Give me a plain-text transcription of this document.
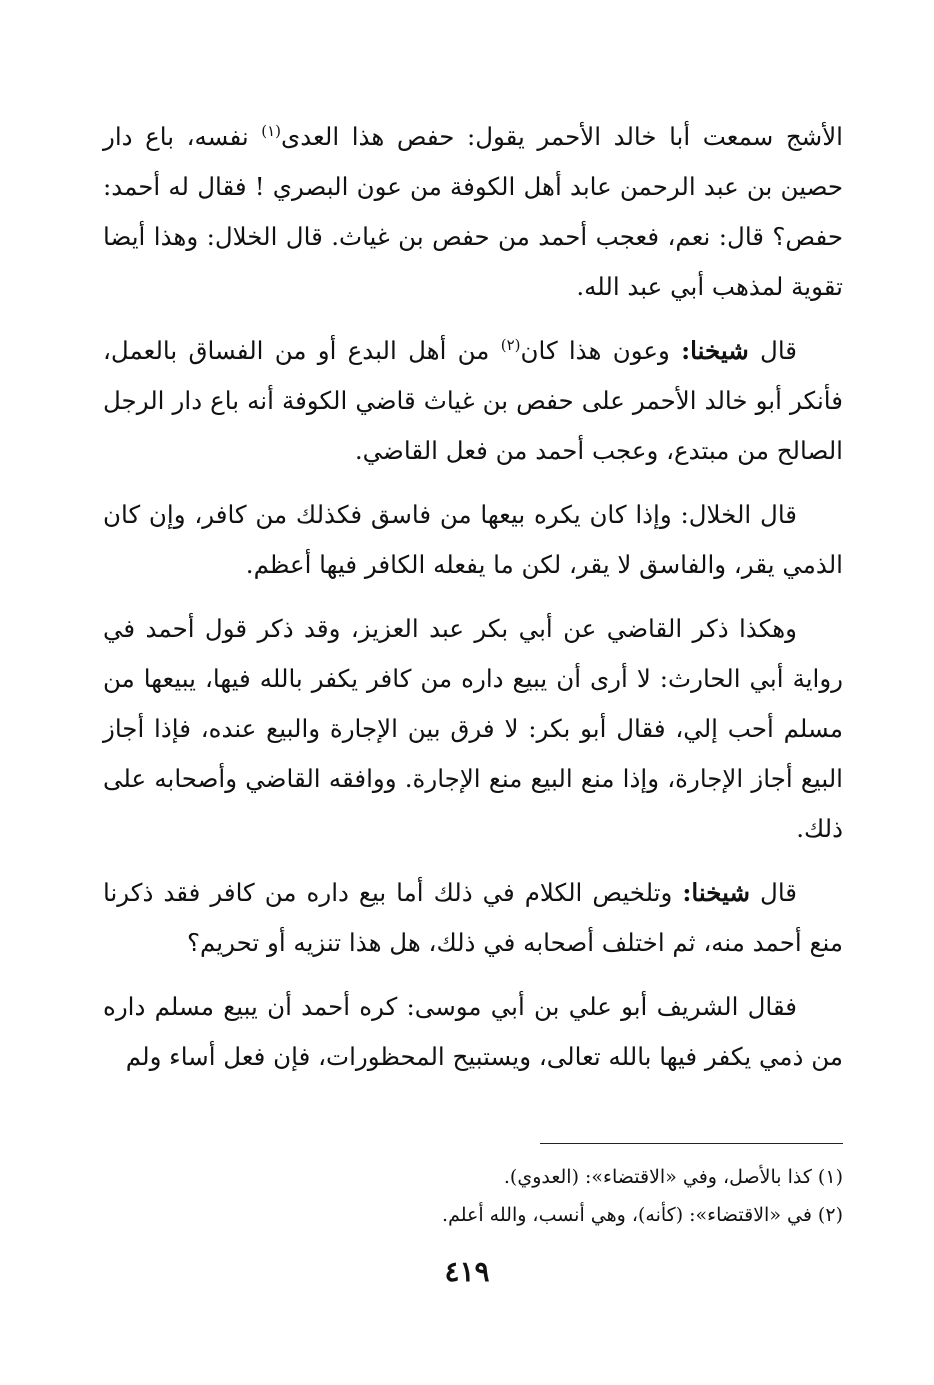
الأشج سمعت أبا خالد الأحمر يقول: حفص هذا العدى$^{(١)}$ نفسه، باع دار حصين بن عبد الرحمن عابد أهل الكوفة من عون البصري ! فقال له أحمد: حفص؟ قال: نعم، فعجب أحمد من حفص بن غياث. قال الخلال: وهذا أيضا تقوية لمذهب أبي عبد الله.

قال شيخنا: وعون هذا كان$^{(٢)}$ من أهل البدع أو من الفساق بالعمل، فأنكر أبو خالد الأحمر على حفص بن غياث قاضي الكوفة أنه باع دار الرجل الصالح من مبتدع، وعجب أحمد من فعل القاضي.

قال الخلال: وإذا كان يكره بيعها من فاسق فكذلك من كافر، وإن كان الذمي يقر، والفاسق لا يقر، لكن ما يفعله الكافر فيها أعظم.

وهكذا ذكر القاضي عن أبي بكر عبد العزيز، وقد ذكر قول أحمد في رواية أبي الحارث: لا أرى أن يبيع داره من كافر يكفر بالله فيها، يبيعها من مسلم أحب إلي، فقال أبو بكر: لا فرق بين الإجارة والبيع عنده، فإذا أجاز البيع أجاز الإجارة، وإذا منع البيع منع الإجارة. ووافقه القاضي وأصحابه على ذلك.

قال شيخنا: وتلخيص الكلام في ذلك أما بيع داره من كافر فقد ذكرنا منع أحمد منه، ثم اختلف أصحابه في ذلك، هل هذا تنزيه أو تحريم؟

فقال الشريف أبو علي بن أبي موسى: كره أحمد أن يبيع مسلم داره من ذمي يكفر فيها بالله تعالى، ويستبيح المحظورات، فإن فعل أساء ولم

(١) كذا بالأصل، وفي «الاقتضاء»: (العدوي).

(٢) في «الاقتضاء»: (كأنه)، وهي أنسب، والله أعلم.

٤١٩
